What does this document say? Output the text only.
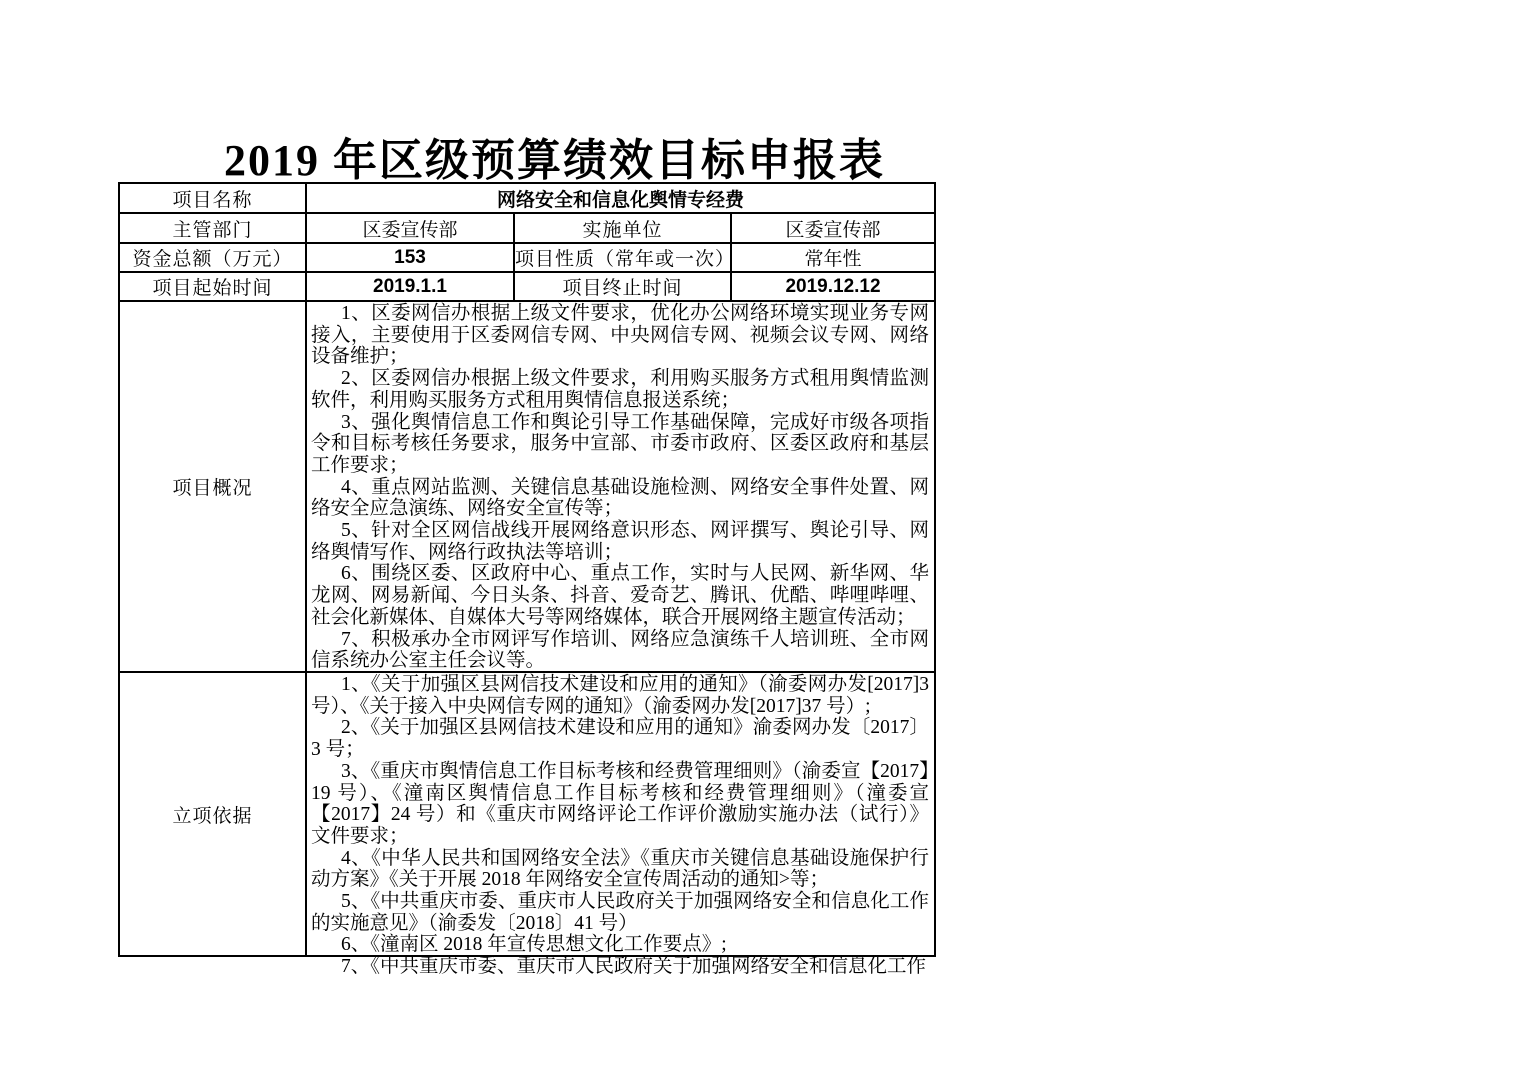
2019 年区级预算绩效目标申报表
项目名称	网络安全和信息化舆情专经费		
主管部门	区委宣传部	实施单位	区委宣传部
资金总额（万元）	153	项目性质（常年或一次）	常年性
项目起始时间	2019.1.1	项目终止时间	2019.12.12
项目概况	

1、区委网信办根据上级文件要求，优化办公网络环境实现业务专网接入，主要使用于区委网信专网、中央网信专网、视频会议专网、网络设备维护；

2、区委网信办根据上级文件要求，利用购买服务方式租用舆情监测软件，利用购买服务方式租用舆情信息报送系统；

3、强化舆情信息工作和舆论引导工作基础保障，完成好市级各项指令和目标考核任务要求，服务中宣部、市委市政府、区委区政府和基层工作要求；

4、重点网站监测、关键信息基础设施检测、网络安全事件处置、网络安全应急演练、网络安全宣传等；

5、针对全区网信战线开展网络意识形态、网评撰写、舆论引导、网络舆情写作、网络行政执法等培训；

6、围绕区委、区政府中心、重点工作，实时与人民网、新华网、华龙网、网易新闻、今日头条、抖音、爱奇艺、腾讯、优酷、哔哩哔哩、社会化新媒体、自媒体大号等网络媒体，联合开展网络主题宣传活动；

7、积极承办全市网评写作培训、网络应急演练千人培训班、全市网信系统办公室主任会议等。

立项依据	

1、《关于加强区县网信技术建设和应用的通知》（渝委网办发[2017]3 号）、《关于接入中央网信专网的通知》（渝委网办发[2017]37 号）;

2、《关于加强区县网信技术建设和应用的通知》渝委网办发〔2017〕3 号；

3、《重庆市舆情信息工作目标考核和经费管理细则》（渝委宣【2017】19 号）、《潼南区舆情信息工作目标考核和经费管理细则》（潼委宣【2017】24 号）和《重庆市网络评论工作评价激励实施办法（试行）》文件要求；

4、《中华人民共和国网络安全法》《重庆市关键信息基础设施保护行动方案》《关于开展 2018 年网络安全宣传周活动的通知>等；

5、《中共重庆市委、重庆市人民政府关于加强网络安全和信息化工作的实施意见》（渝委发〔2018〕41 号）

6、《潼南区 2018 年宣传思想文化工作要点》;

7、《中共重庆市委、重庆市人民政府关于加强网络安全和信息化工作
